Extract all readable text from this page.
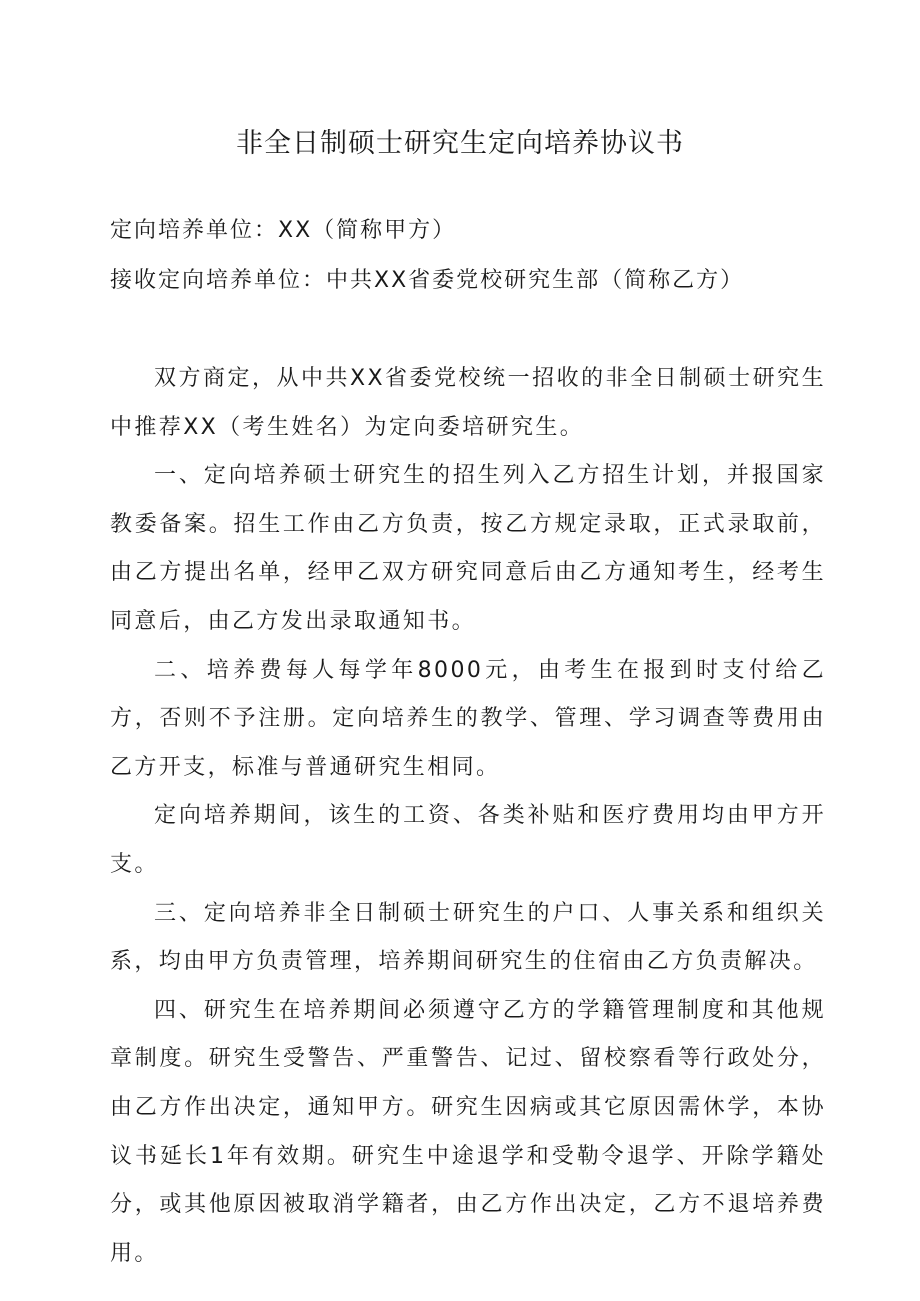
非全日制硕士研究生定向培养协议书

定向培养单位：XX（简称甲方）

接收定向培养单位：中共XX省委党校研究生部（简称乙方）

双方商定，从中共XX省委党校统一招收的非全日制硕士研究生中推荐XX（考生姓名）为定向委培研究生。

一、定向培养硕士研究生的招生列入乙方招生计划，并报国家教委备案。招生工作由乙方负责，按乙方规定录取，正式录取前，由乙方提出名单，经甲乙双方研究同意后由乙方通知考生，经考生同意后，由乙方发出录取通知书。

二、培养费每人每学年8000元，由考生在报到时支付给乙方，否则不予注册。定向培养生的教学、管理、学习调查等费用由乙方开支，标准与普通研究生相同。

定向培养期间，该生的工资、各类补贴和医疗费用均由甲方开支。

三、定向培养非全日制硕士研究生的户口、人事关系和组织关系，均由甲方负责管理，培养期间研究生的住宿由乙方负责解决。

四、研究生在培养期间必须遵守乙方的学籍管理制度和其他规章制度。研究生受警告、严重警告、记过、留校察看等行政处分，由乙方作出决定，通知甲方。研究生因病或其它原因需休学，本协议书延长1年有效期。研究生中途退学和受勒令退学、开除学籍处分，或其他原因被取消学籍者，由乙方作出决定，乙方不退培养费用。
